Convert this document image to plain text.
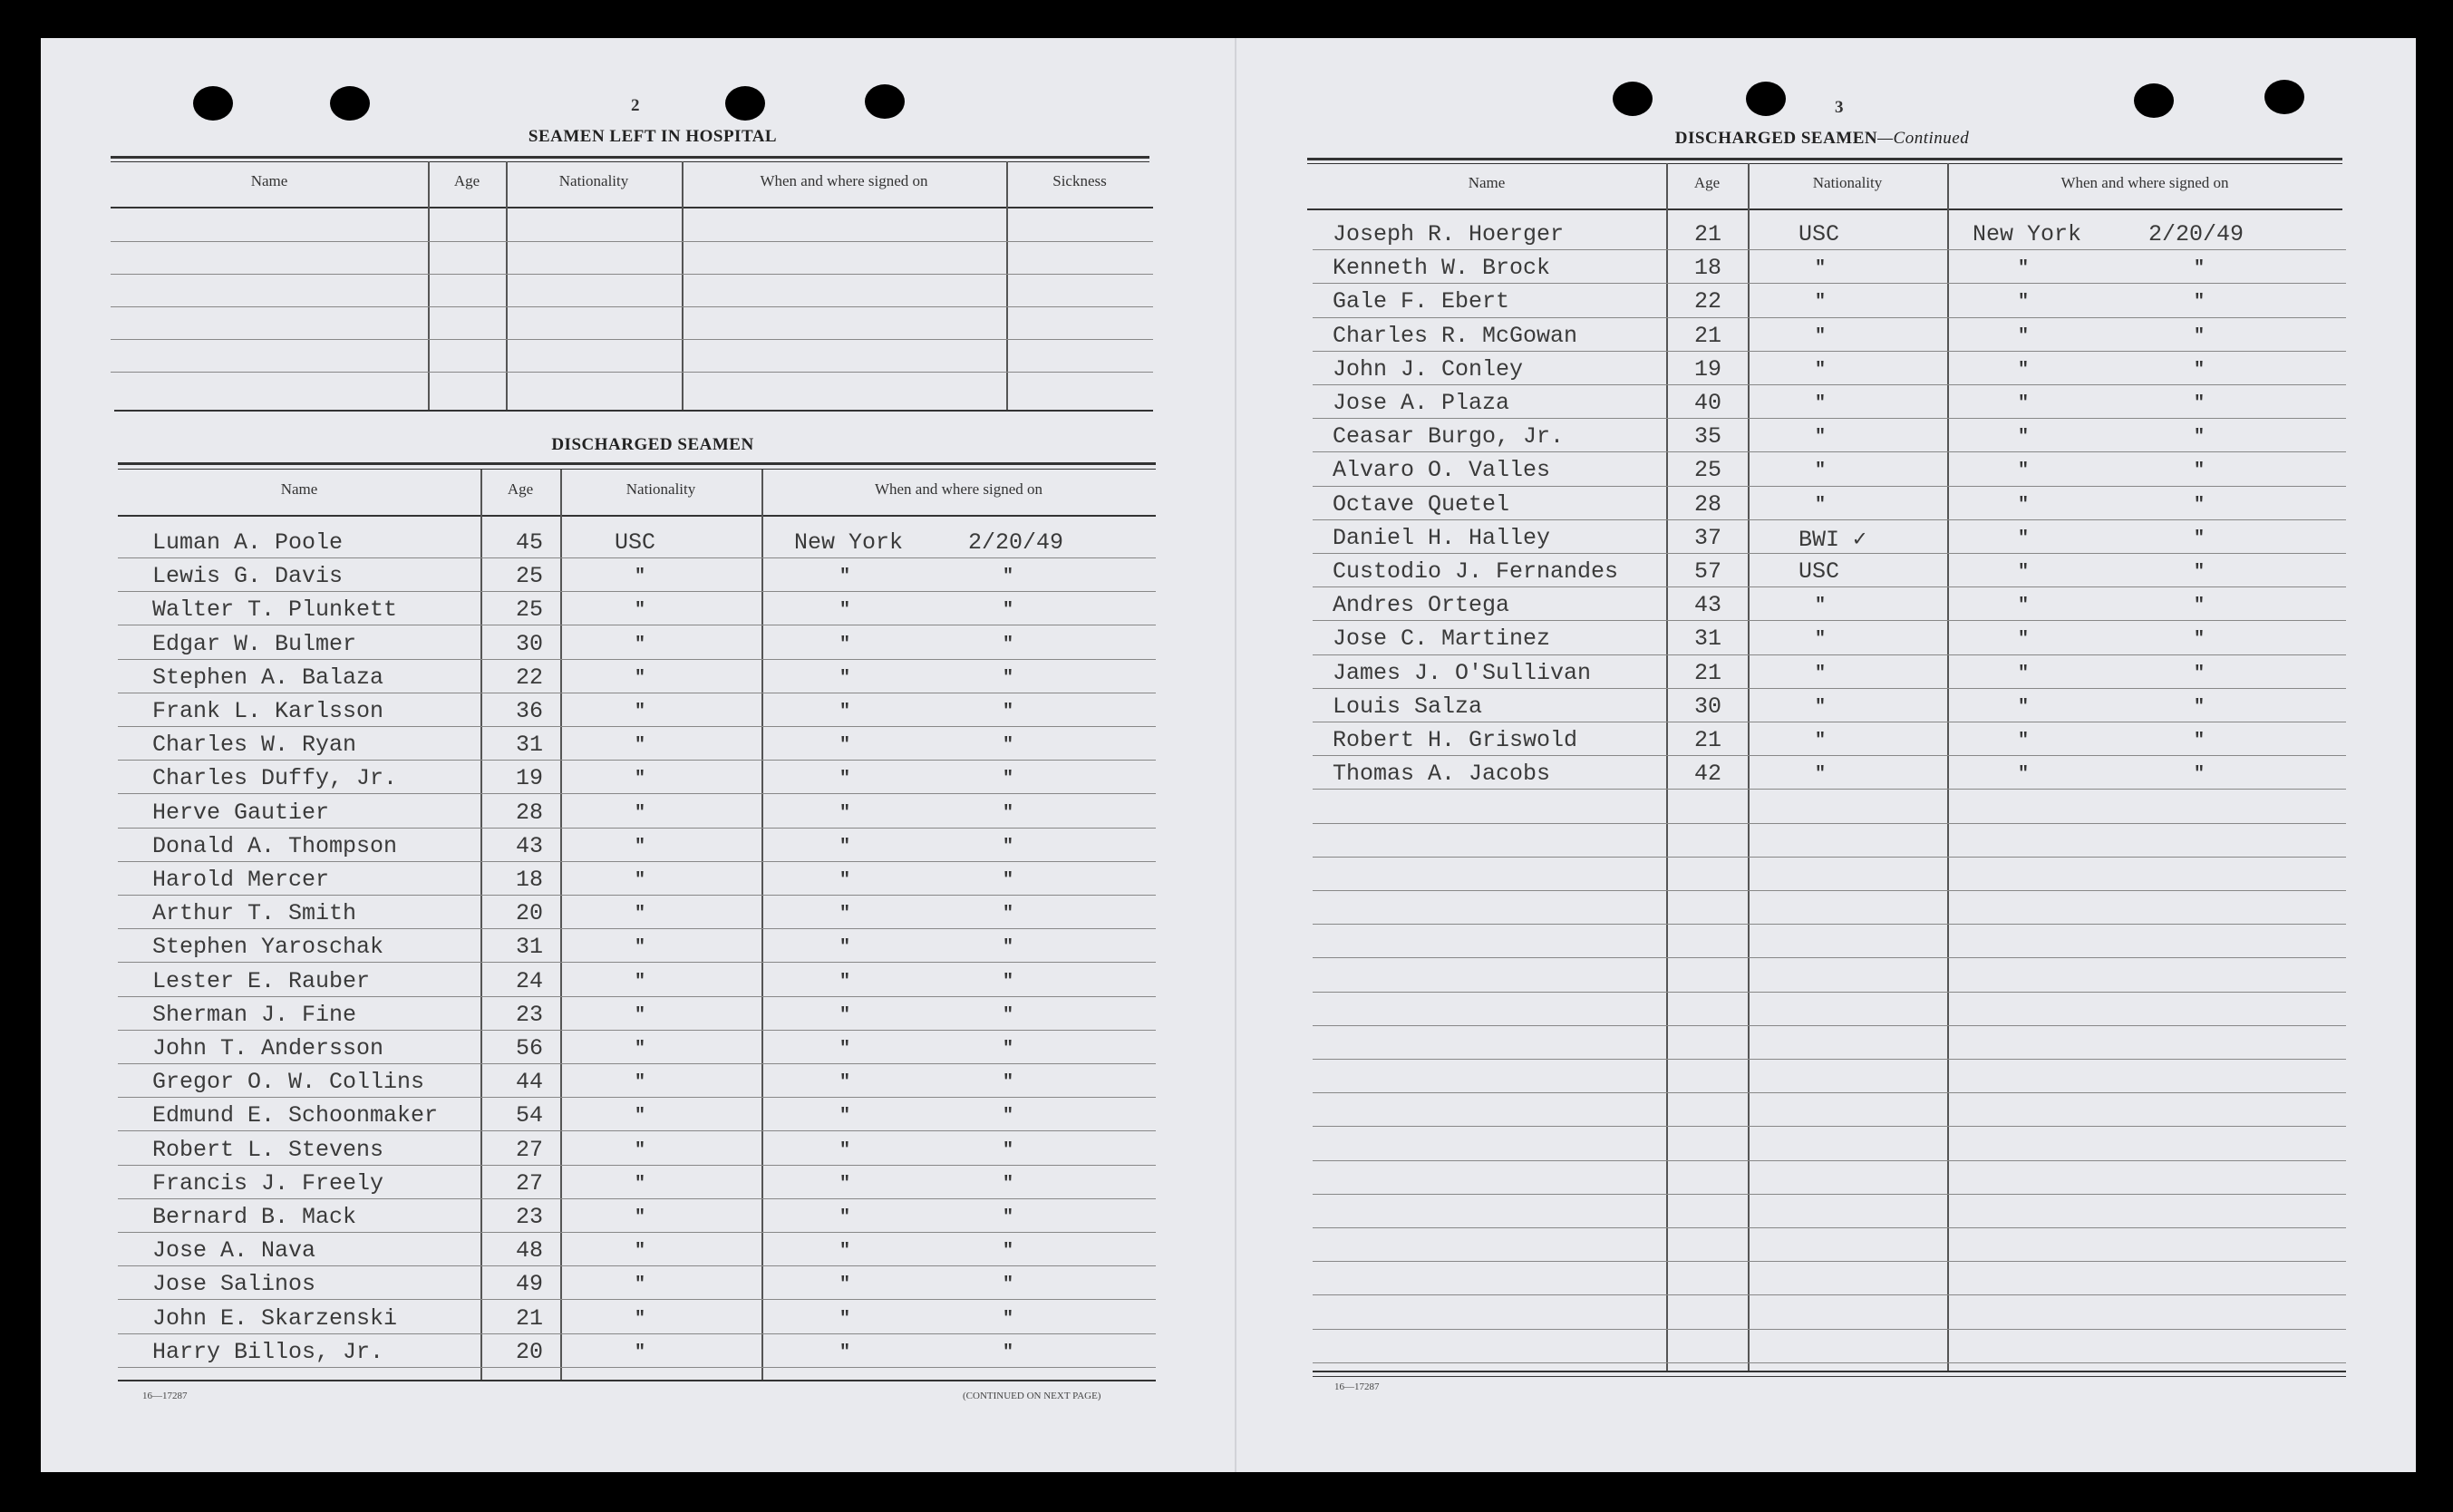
2
SEAMEN LEFT IN HOSPITAL
Name	Age	Nationality	When and where signed on	Sickness
DISCHARGED SEAMEN
Name	Age	Nationality	When and where signed on
Luman A. Poole	45	USC	New York	2/20/49
Lewis G. Davis	25	"	"	"
Walter T. Plunkett	25	"	"	"
Edgar W. Bulmer	30	"	"	"
Stephen A. Balaza	22	"	"	"
Frank L. Karlsson	36	"	"	"
Charles W. Ryan	31	"	"	"
Charles Duffy, Jr.	19	"	"	"
Herve Gautier	28	"	"	"
Donald A. Thompson	43	"	"	"
Harold Mercer	18	"	"	"
Arthur T. Smith	20	"	"	"
Stephen Yaroschak	31	"	"	"
Lester E. Rauber	24	"	"	"
Sherman J. Fine	23	"	"	"
John T. Andersson	56	"	"	"
Gregor O. W. Collins	44	"	"	"
Edmund E. Schoonmaker	54	"	"	"
Robert L. Stevens	27	"	"	"
Francis J. Freely	27	"	"	"
Bernard B. Mack	23	"	"	"
Jose A. Nava	48	"	"	"
Jose Salinos	49	"	"	"
John E. Skarzenski	21	"	"	"
Harry Billos, Jr.	20	"	"	"
16—17287	(CONTINUED ON NEXT PAGE)
3
DISCHARGED SEAMEN—Continued
Name	Age	Nationality	When and where signed on
Joseph R. Hoerger	21	USC	New York	2/20/49
Kenneth W. Brock	18	"	"	"
Gale F. Ebert	22	"	"	"
Charles R. McGowan	21	"	"	"
John J. Conley	19	"	"	"
Jose A. Plaza	40	"	"	"
Ceasar Burgo, Jr.	35	"	"	"
Alvaro O. Valles	25	"	"	"
Octave Quetel	28	"	"	"
Daniel H. Halley	37	BWI ✓	"	"
Custodio J. Fernandes	57	USC	"	"
Andres Ortega	43	"	"	"
Jose C. Martinez	31	"	"	"
James J. O'Sullivan	21	"	"	"
Louis Salza	30	"	"	"
Robert H. Griswold	21	"	"	"
Thomas A. Jacobs	42	"	"	"
16—17287
